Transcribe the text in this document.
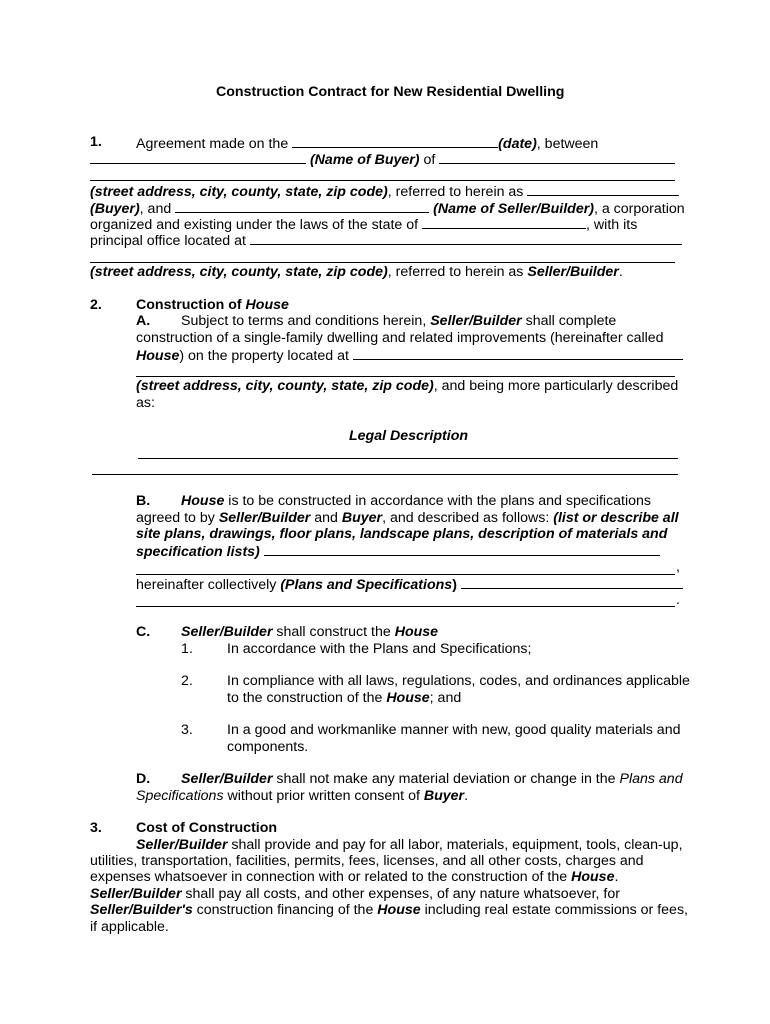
Construction Contract for New Residential Dwelling
1. Agreement made on the	(date), between
(Name of Buyer) of
(street address, city, county, state, zip code), referred to herein as
(Buyer), and	(Name of Seller/Builder), a corporation
organized and existing under the laws of the state of	, with its
principal office located at
(street address, city, county, state, zip code), referred to herein as Seller/Builder.
2. Construction of House
A. Subject to terms and conditions herein, Seller/Builder shall complete
construction of a single-family dwelling and related improvements (hereinafter called
House) on the property located at
(street address, city, county, state, zip code), and being more particularly described
as:
Legal Description
B. House is to be constructed in accordance with the plans and specifications
agreed to by Seller/Builder and Buyer, and described as follows: (list or describe all
site plans, drawings, floor plans, landscape plans, description of materials and
specification lists)
,
hereinafter collectively (Plans and Specifications)
.
C. Seller/Builder shall construct the House
1. In accordance with the Plans and Specifications;
2. In compliance with all laws, regulations, codes, and ordinances applicable
to the construction of the House; and
3. In a good and workmanlike manner with new, good quality materials and
components.
D. Seller/Builder shall not make any material deviation or change in the Plans and
Specifications without prior written consent of Buyer.
3. Cost of Construction
Seller/Builder shall provide and pay for all labor, materials, equipment, tools, clean-up,
utilities, transportation, facilities, permits, fees, licenses, and all other costs, charges and
expenses whatsoever in connection with or related to the construction of the House.
Seller/Builder shall pay all costs, and other expenses, of any nature whatsoever, for
Seller/Builder's construction financing of the House including real estate commissions or fees,
if applicable.
